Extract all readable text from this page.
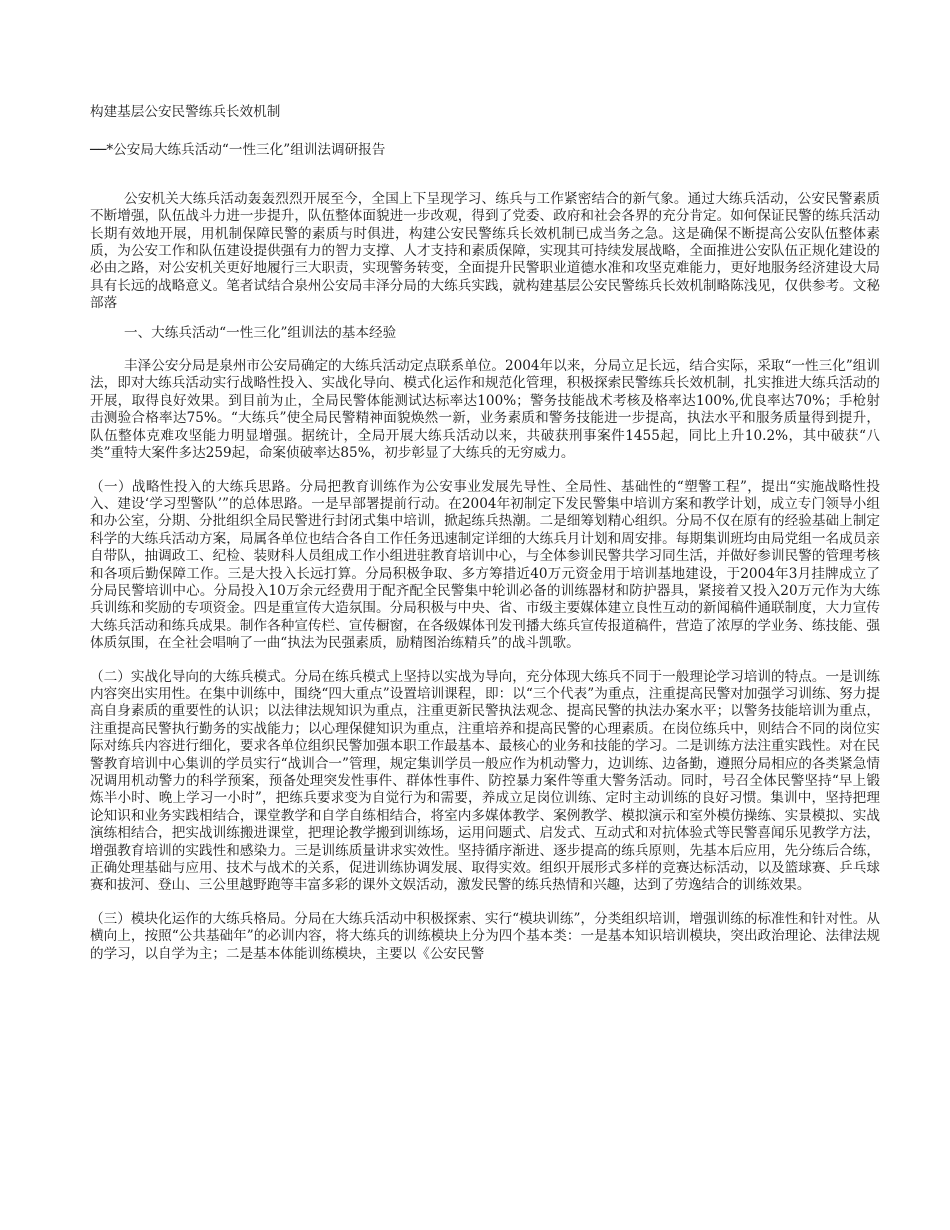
构建基层公安民警练兵长效机制

──*公安局大练兵活动“一性三化”组训法调研报告

公安机关大练兵活动轰轰烈烈开展至今，全国上下呈现学习、练兵与工作紧密结合的新气象。通过大练兵活动，公安民警素质不断增强，队伍战斗力进一步提升，队伍整体面貌进一步改观，得到了党委、政府和社会各界的充分肯定。如何保证民警的练兵活动长期有效地开展，用机制保障民警的素质与时俱进，构建公安民警练兵长效机制已成当务之急。这是确保不断提高公安队伍整体素质，为公安工作和队伍建设提供强有力的智力支撑、人才支持和素质保障，实现其可持续发展战略，全面推进公安队伍正规化建设的必由之路，对公安机关更好地履行三大职责，实现警务转变，全面提升民警职业道德水准和攻坚克难能力，更好地服务经济建设大局具有长远的战略意义。笔者试结合泉州公安局丰泽分局的大练兵实践，就构建基层公安民警练兵长效机制略陈浅见，仅供参考。文秘部落

一、大练兵活动“一性三化”组训法的基本经验

丰泽公安分局是泉州市公安局确定的大练兵活动定点联系单位。2004年以来，分局立足长远，结合实际，采取“一性三化”组训法，即对大练兵活动实行战略性投入、实战化导向、模式化运作和规范化管理，积极探索民警练兵长效机制，扎实推进大练兵活动的开展，取得良好效果。到目前为止，全局民警体能测试达标率达100%；警务技能战术考核及格率达100%,优良率达70%；手枪射击测验合格率达75%。“大练兵”使全局民警精神面貌焕然一新，业务素质和警务技能进一步提高，执法水平和服务质量得到提升，队伍整体克难攻坚能力明显增强。据统计，全局开展大练兵活动以来，共破获刑事案件1455起，同比上升10.2%，其中破获“八类”重特大案件多达259起，命案侦破率达85%，初步彰显了大练兵的无穷威力。

（一）战略性投入的大练兵思路。分局把教育训练作为公安事业发展先导性、全局性、基础性的“塑警工程”，提出“实施战略性投入、建设‘学习型警队’”的总体思路。一是早部署提前行动。在2004年初制定下发民警集中培训方案和教学计划，成立专门领导小组和办公室，分期、分批组织全局民警进行封闭式集中培训，掀起练兵热潮。二是细筹划精心组织。分局不仅在原有的经验基础上制定科学的大练兵活动方案，局属各单位也结合各自工作任务迅速制定详细的大练兵月计划和周安排。每期集训班均由局党组一名成员亲自带队，抽调政工、纪检、装财科人员组成工作小组进驻教育培训中心，与全体参训民警共学习同生活，并做好参训民警的管理考核和各项后勤保障工作。三是大投入长远打算。分局积极争取、多方筹措近40万元资金用于培训基地建设，于2004年3月挂牌成立了分局民警培训中心。分局投入10万余元经费用于配齐配全民警集中轮训必备的训练器材和防护器具，紧接着又投入20万元作为大练兵训练和奖励的专项资金。四是重宣传大造氛围。分局积极与中央、省、市级主要媒体建立良性互动的新闻稿件通联制度，大力宣传大练兵活动和练兵成果。制作各种宣传栏、宣传橱窗，在各级媒体刊发刊播大练兵宣传报道稿件，营造了浓厚的学业务、练技能、强体质氛围，在全社会唱响了一曲“执法为民强素质，励精图治练精兵”的战斗凯歌。

（二）实战化导向的大练兵模式。分局在练兵模式上坚持以实战为导向，充分体现大练兵不同于一般理论学习培训的特点。一是训练内容突出实用性。在集中训练中，围绕“四大重点”设置培训课程，即：以“三个代表”为重点，注重提高民警对加强学习训练、努力提高自身素质的重要性的认识；以法律法规知识为重点，注重更新民警执法观念、提高民警的执法办案水平；以警务技能培训为重点，注重提高民警执行勤务的实战能力；以心理保健知识为重点，注重培养和提高民警的心理素质。在岗位练兵中，则结合不同的岗位实际对练兵内容进行细化，要求各单位组织民警加强本职工作最基本、最核心的业务和技能的学习。二是训练方法注重实践性。对在民警教育培训中心集训的学员实行“战训合一”管理，规定集训学员一般应作为机动警力，边训练、边备勤，遵照分局相应的各类紧急情况调用机动警力的科学预案，预备处理突发性事件、群体性事件、防控暴力案件等重大警务活动。同时，号召全体民警坚持“早上锻炼半小时、晚上学习一小时”，把练兵要求变为自觉行为和需要，养成立足岗位训练、定时主动训练的良好习惯。集训中，坚持把理论知识和业务实践相结合，课堂教学和自学自练相结合，将室内多媒体教学、案例教学、模拟演示和室外模仿操练、实景模拟、实战演练相结合，把实战训练搬进课堂，把理论教学搬到训练场，运用问题式、启发式、互动式和对抗体验式等民警喜闻乐见教学方法，增强教育培训的实践性和感染力。三是训练质量讲求实效性。坚持循序渐进、逐步提高的练兵原则，先基本后应用，先分练后合练，正确处理基础与应用、技术与战术的关系，促进训练协调发展、取得实效。组织开展形式多样的竞赛达标活动，以及篮球赛、乒乓球赛和拔河、登山、三公里越野跑等丰富多彩的课外文娱活动，激发民警的练兵热情和兴趣，达到了劳逸结合的训练效果。

（三）模块化运作的大练兵格局。分局在大练兵活动中积极探索、实行“模块训练”，分类组织培训，增强训练的标准性和针对性。从横向上，按照“公共基础年”的必训内容，将大练兵的训练模块上分为四个基本类：一是基本知识培训模块，突出政治理论、法律法规的学习，以自学为主；二是基本体能训练模块，主要以《公安民警
